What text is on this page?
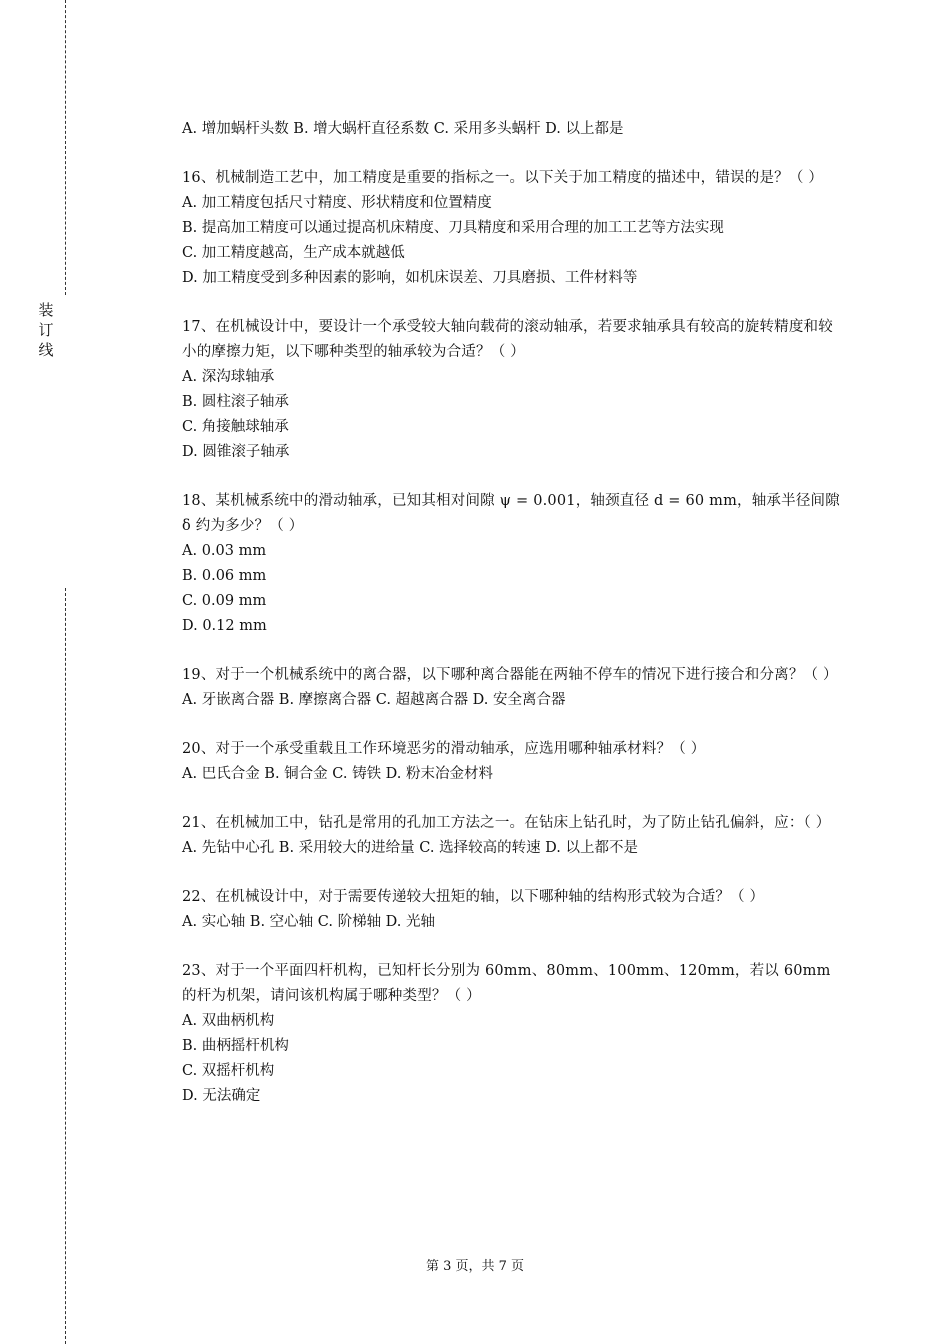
装
订
线
A. 增加蜗杆头数 B. 增大蜗杆直径系数 C. 采用多头蜗杆 D. 以上都是
16、机械制造工艺中，加工精度是重要的指标之一。以下关于加工精度的描述中，错误的是？（ ）
A. 加工精度包括尺寸精度、形状精度和位置精度
B. 提高加工精度可以通过提高机床精度、刀具精度和采用合理的加工工艺等方法实现
C. 加工精度越高，生产成本就越低
D. 加工精度受到多种因素的影响，如机床误差、刀具磨损、工件材料等
17、在机械设计中，要设计一个承受较大轴向载荷的滚动轴承，若要求轴承具有较高的旋转精度和较小的摩擦力矩，以下哪种类型的轴承较为合适？（ ）
A. 深沟球轴承
B. 圆柱滚子轴承
C. 角接触球轴承
D. 圆锥滚子轴承
18、某机械系统中的滑动轴承，已知其相对间隙 ψ = 0.001，轴颈直径 d = 60 mm，轴承半径间隙 δ 约为多少？（ ）
A. 0.03 mm
B. 0.06 mm
C. 0.09 mm
D. 0.12 mm
19、对于一个机械系统中的离合器，以下哪种离合器能在两轴不停车的情况下进行接合和分离？（ ）
A. 牙嵌离合器 B. 摩擦离合器 C. 超越离合器 D. 安全离合器
20、对于一个承受重载且工作环境恶劣的滑动轴承，应选用哪种轴承材料？（ ）
A. 巴氏合金 B. 铜合金 C. 铸铁 D. 粉末冶金材料
21、在机械加工中，钻孔是常用的孔加工方法之一。在钻床上钻孔时，为了防止钻孔偏斜，应：（ ）
A. 先钻中心孔 B. 采用较大的进给量 C. 选择较高的转速 D. 以上都不是
22、在机械设计中，对于需要传递较大扭矩的轴，以下哪种轴的结构形式较为合适？（ ）
A. 实心轴 B. 空心轴 C. 阶梯轴 D. 光轴
23、对于一个平面四杆机构，已知杆长分别为 60mm、80mm、100mm、120mm，若以 60mm 的杆为机架，请问该机构属于哪种类型？（ ）
A. 双曲柄机构
B. 曲柄摇杆机构
C. 双摇杆机构
D. 无法确定
第 3 页，共 7 页
